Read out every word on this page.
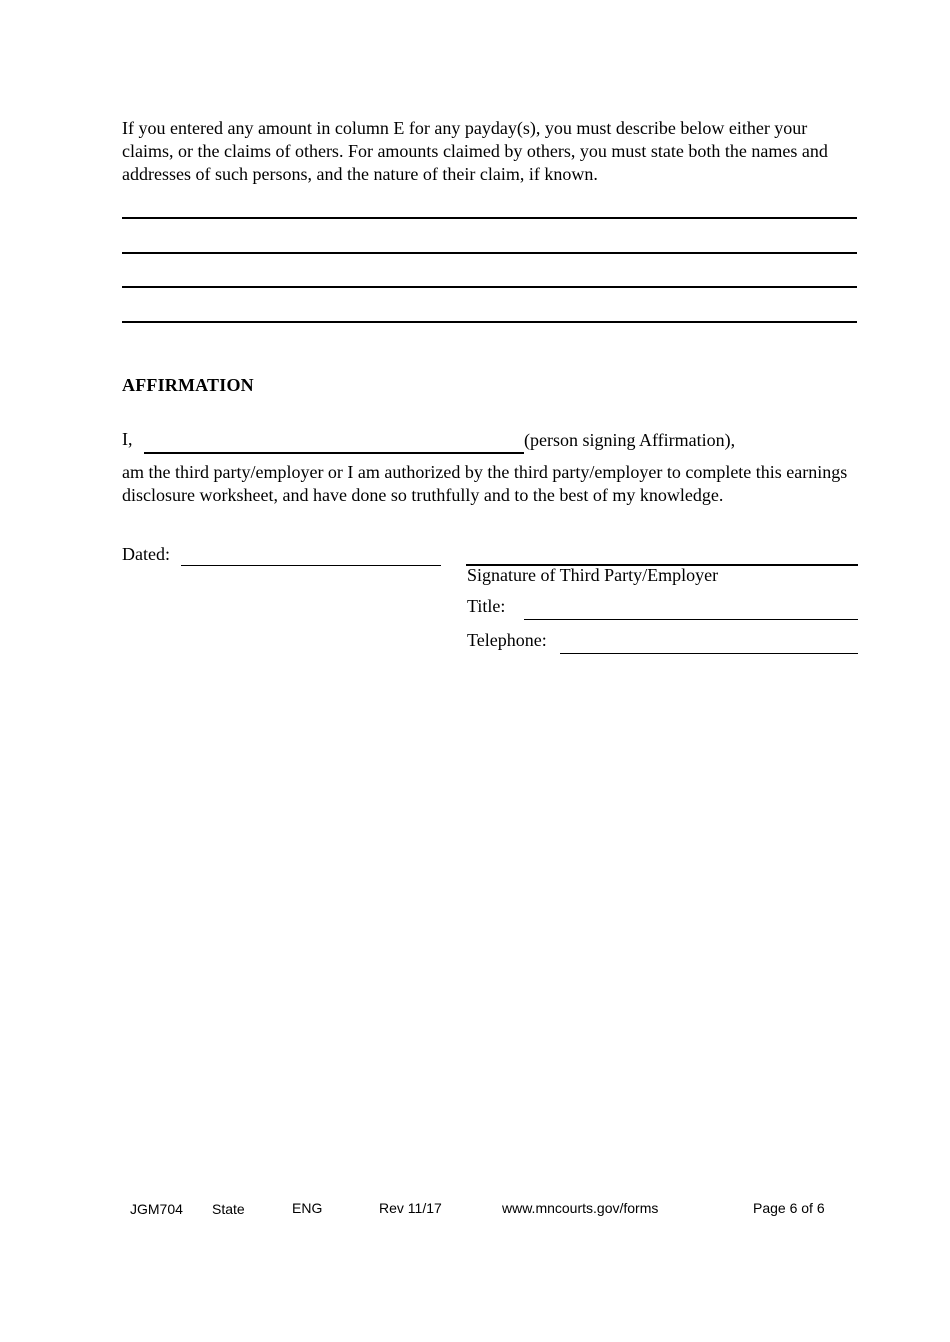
If you entered any amount in column E for any payday(s), you must describe below either your claims, or the claims of others. For amounts claimed by others, you must state both the names and addresses of such persons, and the nature of their claim, if known.
AFFIRMATION
I,	(person signing Affirmation),
am the third party/employer or I am authorized by the third party/employer to complete this earnings disclosure worksheet, and have done so truthfully and to the best of my knowledge.
Dated:
Signature of Third Party/Employer
Title:
Telephone:
JGM704 State	ENG	Rev 11/17	www.mncourts.gov/forms	Page 6 of 6
